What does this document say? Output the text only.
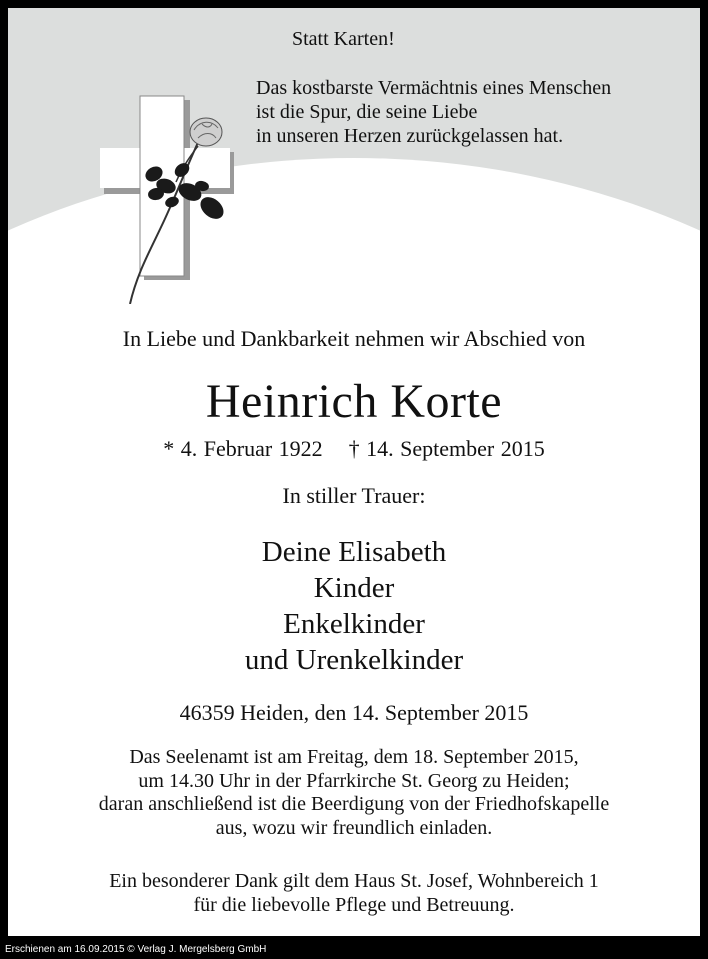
Statt Karten!
Das kostbarste Vermächtnis eines Menschen
ist die Spur, die seine Liebe
in unseren Herzen zurückgelassen hat.
In Liebe und Dankbarkeit nehmen wir Abschied von
Heinrich Korte
* 4. Februar 1922    † 14. September 2015
In stiller Trauer:
Deine Elisabeth
Kinder
Enkelkinder
und Urenkelkinder
46359 Heiden, den 14. September 2015
Das Seelenamt ist am Freitag, dem 18. September 2015,
um 14.30 Uhr in der Pfarrkirche St. Georg zu Heiden;
daran anschließend ist die Beerdigung von der Friedhofskapelle
aus, wozu wir freundlich einladen.
Ein besonderer Dank gilt dem Haus St. Josef, Wohnbereich 1
für die liebevolle Pflege und Betreuung.
Erschienen am 16.09.2015 © Verlag J. Mergelsberg GmbH
